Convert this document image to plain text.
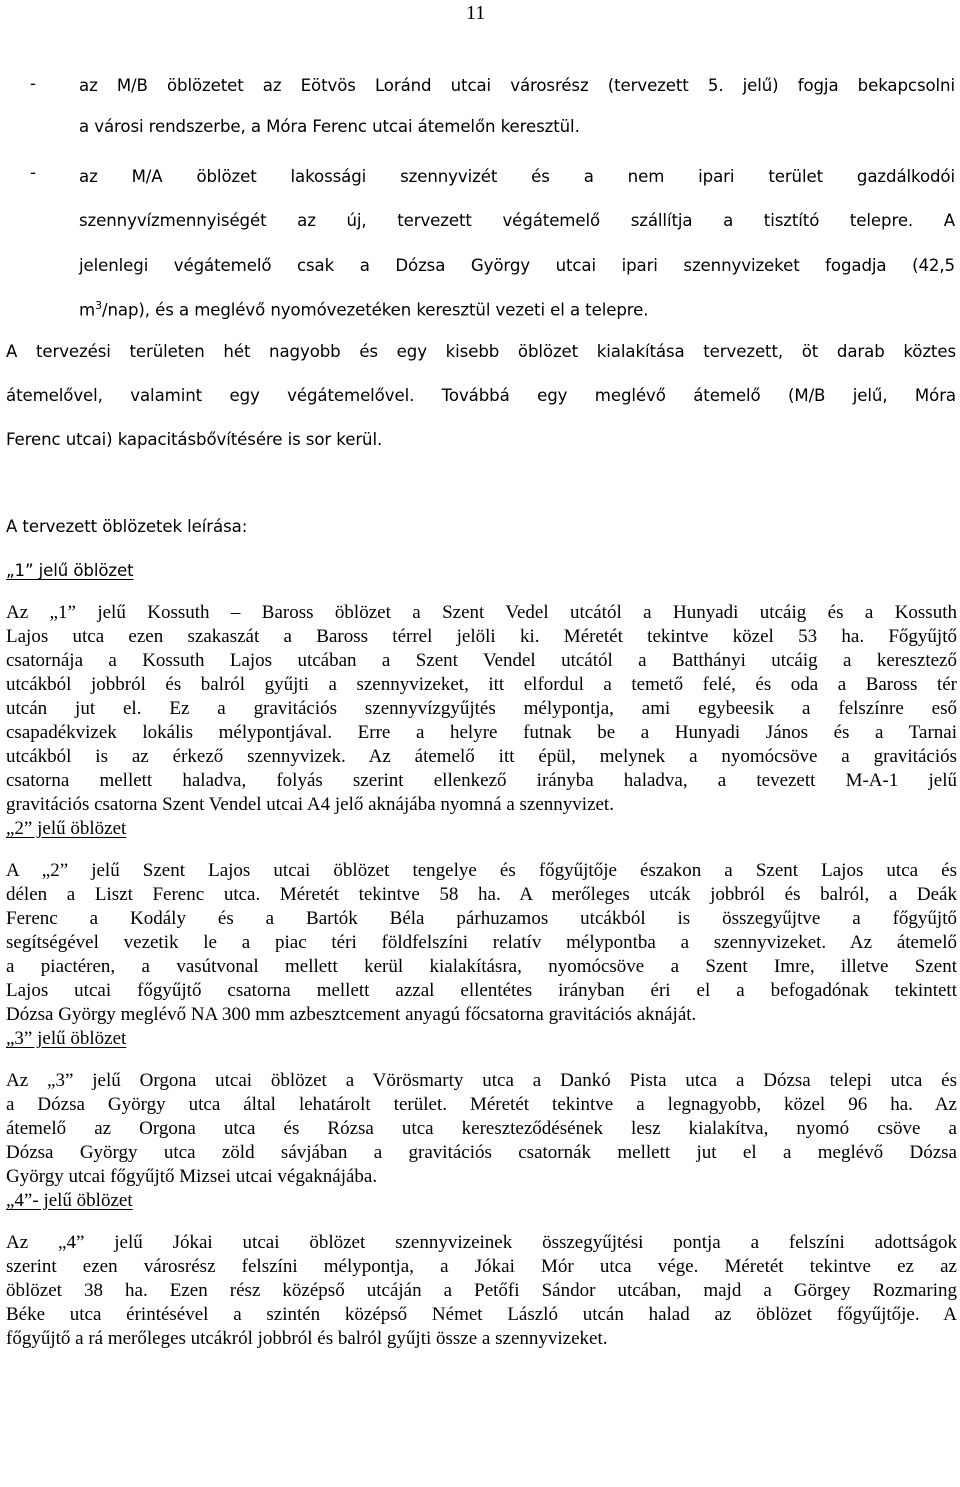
11
-	az M/B öblözetet az Eötvös Loránd utcai városrész (tervezett 5. jelű) fogja bekapcsolni
a városi rendszerbe, a Móra Ferenc utcai átemelőn keresztül.
-	az M/A öblözet lakossági szennyvizét és a nem ipari terület gazdálkodói
szennyvízmennyiségét az új, tervezett végátemelő szállítja a tisztító telepre. A
jelenlegi végátemelő csak a Dózsa György utcai ipari szennyvizeket fogadja (42,5
$m^3/nap$), és a meglévő nyomóvezetéken keresztül vezeti el a telepre.
A tervezési területen hét nagyobb és egy kisebb öblözet kialakítása tervezett, öt darab köztes
átemelővel, valamint egy végátemelővel. Továbbá egy meglévő átemelő (M/B jelű, Móra
Ferenc utcai) kapacitásbővítésére is sor kerül.
A tervezett öblözetek leírása:
„1” jelű öblözet
Az „1” jelű Kossuth – Baross öblözet a Szent Vedel utcától a Hunyadi utcáig és a Kossuth
Lajos utca ezen szakaszát a Baross térrel jelöli ki. Méretét tekintve közel 53 ha. Főgyűjtő
csatornája a Kossuth Lajos utcában a Szent Vendel utcától a Batthányi utcáig a keresztező
utcákból jobbról és balról gyűjti a szennyvizeket, itt elfordul a temető felé, és oda a Baross tér
utcán jut el. Ez a gravitációs szennyvízgyűjtés mélypontja, ami egybeesik a felszínre eső
csapadékvizek lokális mélypontjával. Erre a helyre futnak be a Hunyadi János és a Tarnai
utcákból is az érkező szennyvizek. Az átemelő itt épül, melynek a nyomócsöve a gravitációs
csatorna mellett haladva, folyás szerint ellenkező irányba haladva, a tevezett M-A-1 jelű
gravitációs csatorna Szent Vendel utcai A4 jelő aknájába nyomná a szennyvizet.
„2” jelű öblözet
A „2” jelű Szent Lajos utcai öblözet tengelye és főgyűjtője északon a Szent Lajos utca és
délen a Liszt Ferenc utca. Méretét tekintve 58 ha. A merőleges utcák jobbról és balról, a Deák
Ferenc a Kodály és a Bartók Béla párhuzamos utcákból is összegyűjtve a főgyűjtő
segítségével vezetik le a piac téri földfelszíni relatív mélypontba a szennyvizeket. Az átemelő
a piactéren, a vasútvonal mellett kerül kialakításra, nyomócsöve a Szent Imre, illetve Szent
Lajos utcai főgyűjtő csatorna mellett azzal ellentétes irányban éri el a befogadónak tekintett
Dózsa György meglévő NA 300 mm azbesztcement anyagú főcsatorna gravitációs aknáját.
„3” jelű öblözet
Az „3” jelű Orgona utcai öblözet a Vörösmarty utca a Dankó Pista utca a Dózsa telepi utca és
a Dózsa György utca által lehatárolt terület. Méretét tekintve a legnagyobb, közel 96 ha. Az
átemelő az Orgona utca és Rózsa utca kereszteződésének lesz kialakítva, nyomó csöve a
Dózsa György utca zöld sávjában a gravitációs csatornák mellett jut el a meglévő Dózsa
György utcai főgyűjtő Mizsei utcai végaknájába.
„4”- jelű öblözet
Az „4” jelű Jókai utcai öblözet szennyvizeinek összegyűjtési pontja a felszíni adottságok
szerint ezen városrész felszíni mélypontja, a Jókai Mór utca vége. Méretét tekintve ez az
öblözet 38 ha. Ezen rész középső utcáján a Petőfi Sándor utcában, majd a Görgey Rozmaring
Béke utca érintésével a szintén középső Német László utcán halad az öblözet főgyűjtője. A
főgyűjtő a rá merőleges utcákról jobbról és balról gyűjti össze a szennyvizeket.
